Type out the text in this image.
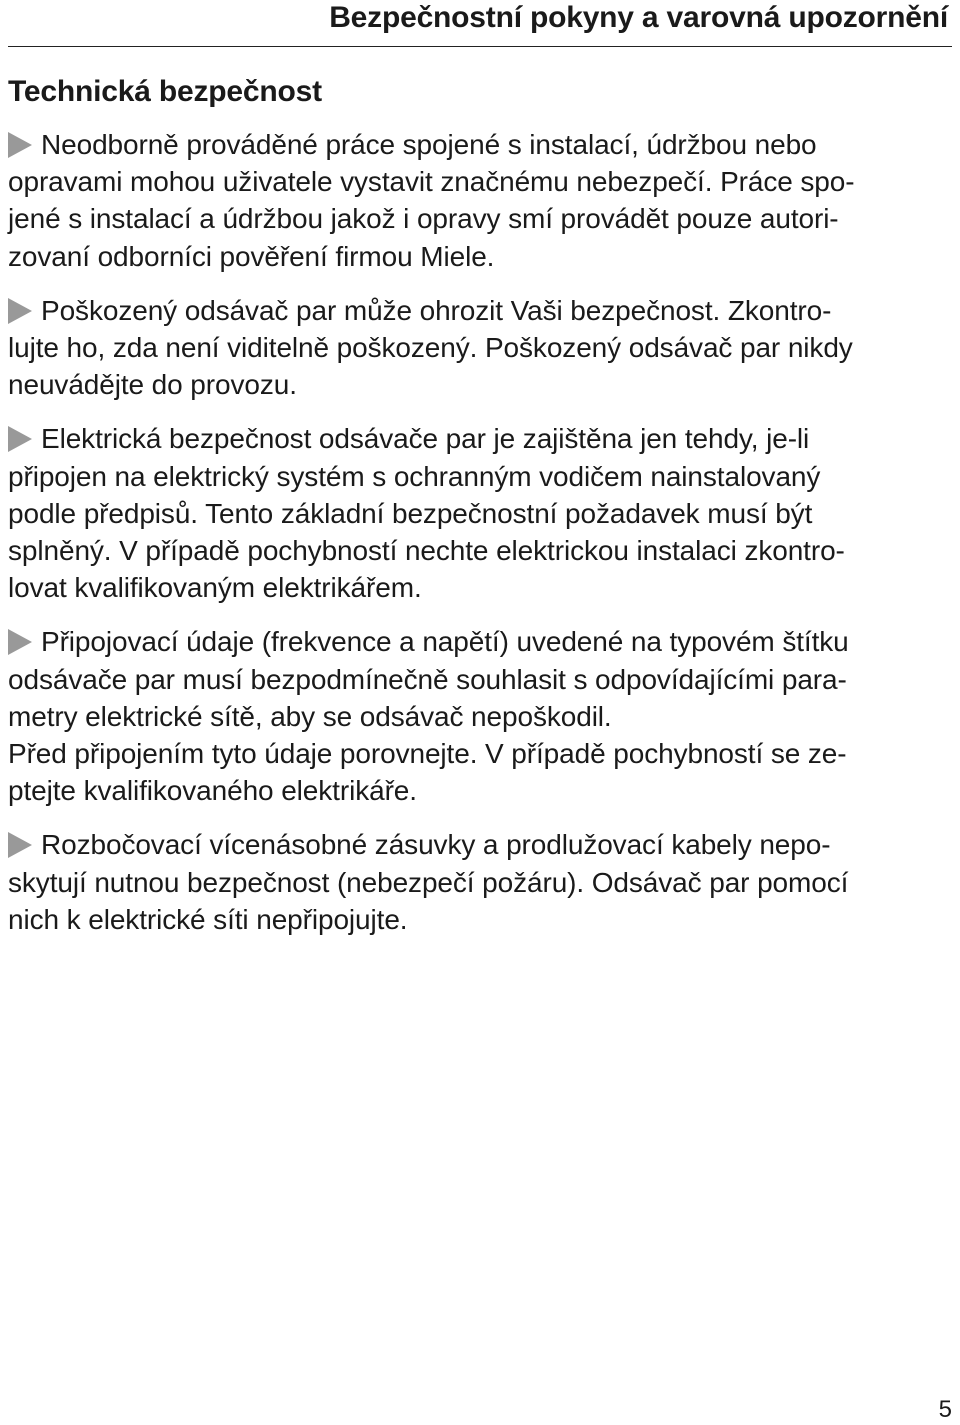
Bezpečnostní pokyny a varovná upozornění
Technická bezpečnost
Neodborně prováděné práce spojené s instalací, údržbou nebo
opravami mohou uživatele vystavit značnému nebezpečí. Práce spo-
jené s instalací a údržbou jakož i opravy smí provádět pouze autori-
zovaní odborníci pověření firmou Miele.
Poškozený odsávač par může ohrozit Vaši bezpečnost. Zkontro-
lujte ho, zda není viditelně poškozený. Poškozený odsávač par nikdy
neuvádějte do provozu.
Elektrická bezpečnost odsávače par je zajištěna jen tehdy, je-li
připojen na elektrický systém s ochranným vodičem nainstalovaný
podle předpisů. Tento základní bezpečnostní požadavek musí být
splněný. V případě pochybností nechte elektrickou instalaci zkontro-
lovat kvalifikovaným elektrikářem.
Připojovací údaje (frekvence a napětí) uvedené na typovém štítku
odsávače par musí bezpodmínečně souhlasit s odpovídajícími para-
metry elektrické sítě, aby se odsávač nepoškodil.
Před připojením tyto údaje porovnejte. V případě pochybností se ze-
ptejte kvalifikovaného elektrikáře.
Rozbočovací vícenásobné zásuvky a prodlužovací kabely nepo-
skytují nutnou bezpečnost (nebezpečí požáru). Odsávač par pomocí
nich k elektrické síti nepřipojujte.
5
